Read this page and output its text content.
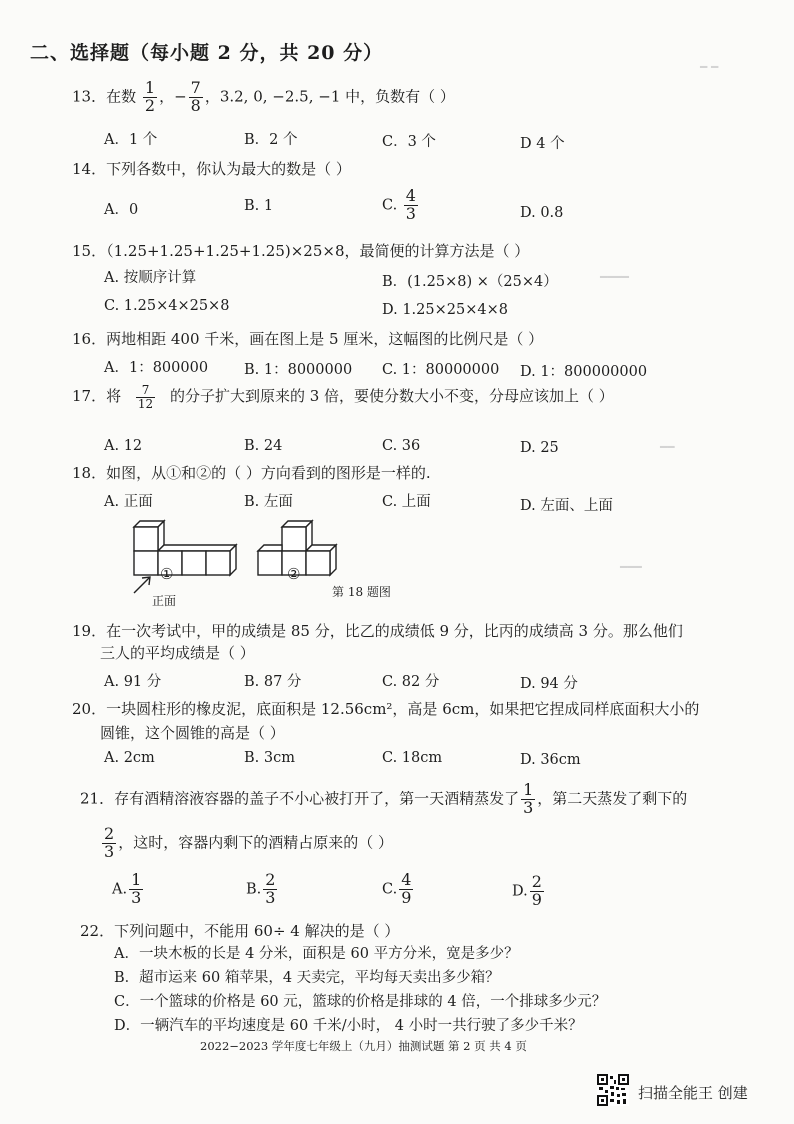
二、选择题（每小题 2 分，共 20 分）
━ ━
━━━━
━━
━━━
13．在数 $\frac{1}{2}$ ，− $\frac{7}{8}$ ，3.2, 0, −2.5, −1 中，负数有（ ）
A．1 个	B．2 个	C．3 个	D 4 个
14．下列各数中，你认为最大的数是（ ）
A．0	B. 1	C. $\frac{4}{3}$	D. 0.8
15．（1.25+1.25+1.25+1.25)×25×8，最简便的计算方法是（ ）
A. 按顺序计算	B．(1.25×8) ×（25×4）
C. 1.25×4×25×8	D. 1.25×25×4×8
16．两地相距 400 千米，画在图上是 5 厘米，这幅图的比例尺是（ ）
A．1：800000 B. 1：8000000 C. 1：80000000 D. 1：800000000
17．将 $\frac{7}{12}$ 的分子扩大到原来的 3 倍，要使分数大小不变，分母应该加上（ ）
A. 12	B. 24	C. 36	D. 25
18．如图，从①和②的（ ）方向看到的图形是一样的.
A. 正面	B. 左面	C. 上面	D. 左面、上面
①	②
正面
第 18 题图
19．在一次考试中，甲的成绩是 85 分，比乙的成绩低 9 分，比丙的成绩高 3 分。那么他们
三人的平均成绩是（ ）
A. 91 分	B. 87 分	C. 82 分	D. 94 分
20．一块圆柱形的橡皮泥，底面积是 12.56cm²，高是 6cm，如果把它捏成同样底面积大小的
圆锥，这个圆锥的高是（ ）
A. 2cm	B. 3cm	C. 18cm	D. 36cm
21．存有酒精溶液容器的盖子不小心被打开了，第一天酒精蒸发了 $\frac{1}{3}$ ，第二天蒸发了剩下的
$\frac{2}{3}$ ，这时，容器内剩下的酒精占原来的（ ）
A. $\frac{1}{3}$	B. $\frac{2}{3}$	C. $\frac{4}{9}$	D. $\frac{2}{9}$
22．下列问题中，不能用 60÷ 4 解决的是（ ）
A．一块木板的长是 4 分米，面积是 60 平方分米，宽是多少？
B．超市运来 60 箱苹果，4 天卖完，平均每天卖出多少箱？
C．一个篮球的价格是 60 元，篮球的价格是排球的 4 倍，一个排球多少元？
D．一辆汽车的平均速度是 60 千米/小时， 4 小时一共行驶了多少千米？
2022−2023 学年度七年级上（九月）抽测试题 第 2 页 共 4 页
扫描全能王 创建
